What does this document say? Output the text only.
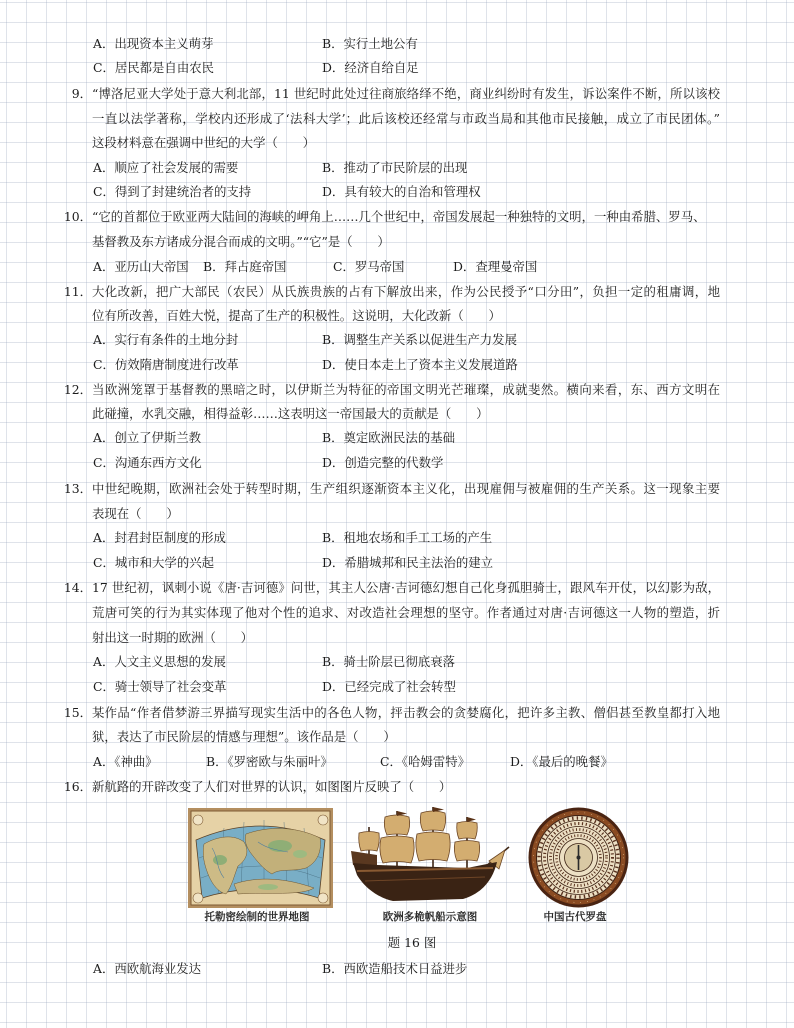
A．出现资本主义萌芽	B．实行土地公有
C．居民都是自由农民	D．经济自给自足
9． “博洛尼亚大学处于意大利北部，11 世纪时此处过往商旅络绎不绝，商业纠纷时有发生，诉讼案件不断，所以该校
一直以法学著称，学校内还形成了‘法科大学’；此后该校还经常与市政当局和其他市民接触，成立了市民团体。”
这段材料意在强调中世纪的大学（　　）
A．顺应了社会发展的需要	B．推动了市民阶层的出现
C．得到了封建统治者的支持	D．具有较大的自治和管理权
10． “它的首都位于欧亚两大陆间的海峡的岬角上……几个世纪中，帝国发展起一种独特的文明，一种由希腊、罗马、
基督教及东方诸成分混合而成的文明。”“它”是（　　）
A．亚历山大帝国 B．拜占庭帝国	C．罗马帝国	D．查理曼帝国
11． 大化改新，把广大部民（农民）从氏族贵族的占有下解放出来，作为公民授予“口分田”，负担一定的租庸调，地
位有所改善，百姓大悦，提高了生产的积极性。这说明，大化改新（　　）
A．实行有条件的土地分封	B．调整生产关系以促进生产力发展
C．仿效隋唐制度进行改革	D．使日本走上了资本主义发展道路
12． 当欧洲笼罩于基督教的黑暗之时，以伊斯兰为特征的帝国文明光芒璀璨，成就斐然。横向来看，东、西方文明在
此碰撞，水乳交融，相得益彰……这表明这一帝国最大的贡献是（　　）
A．创立了伊斯兰教	B．奠定欧洲民法的基础
C．沟通东西方文化	D．创造完整的代数学
13． 中世纪晚期，欧洲社会处于转型时期，生产组织逐渐资本主义化，出现雇佣与被雇佣的生产关系。这一现象主要
表现在（　　）
A．封君封臣制度的形成	B．租地农场和手工工场的产生
C．城市和大学的兴起	D．希腊城邦和民主法治的建立
14． 17 世纪初，讽刺小说《唐·吉诃德》问世，其主人公唐·吉诃德幻想自己化身孤胆骑士，跟风车开仗，以幻影为敌，
荒唐可笑的行为其实体现了他对个性的追求、对改造社会理想的坚守。作者通过对唐·吉诃德这一人物的塑造，折
射出这一时期的欧洲（　　）
A．人文主义思想的发展	B．骑士阶层已彻底衰落
C．骑士领导了社会变革	D．已经完成了社会转型
15． 某作品“作者借梦游三界描写现实生活中的各色人物，抨击教会的贪婪腐化，把许多主教、僧侣甚至教皇都打入地
狱，表达了市民阶层的情感与理想”。该作品是（　　）
A．《神曲》	B．《罗密欧与朱丽叶》	C．《哈姆雷特》	D．《最后的晚餐》
16． 新航路的开辟改变了人们对世界的认识，如图图片反映了（　　）
托勒密绘制的世界地图	欧洲多桅帆船示意图	中国古代罗盘
题 16 图
A．西欧航海业发达	B．西欧造船技术日益进步
